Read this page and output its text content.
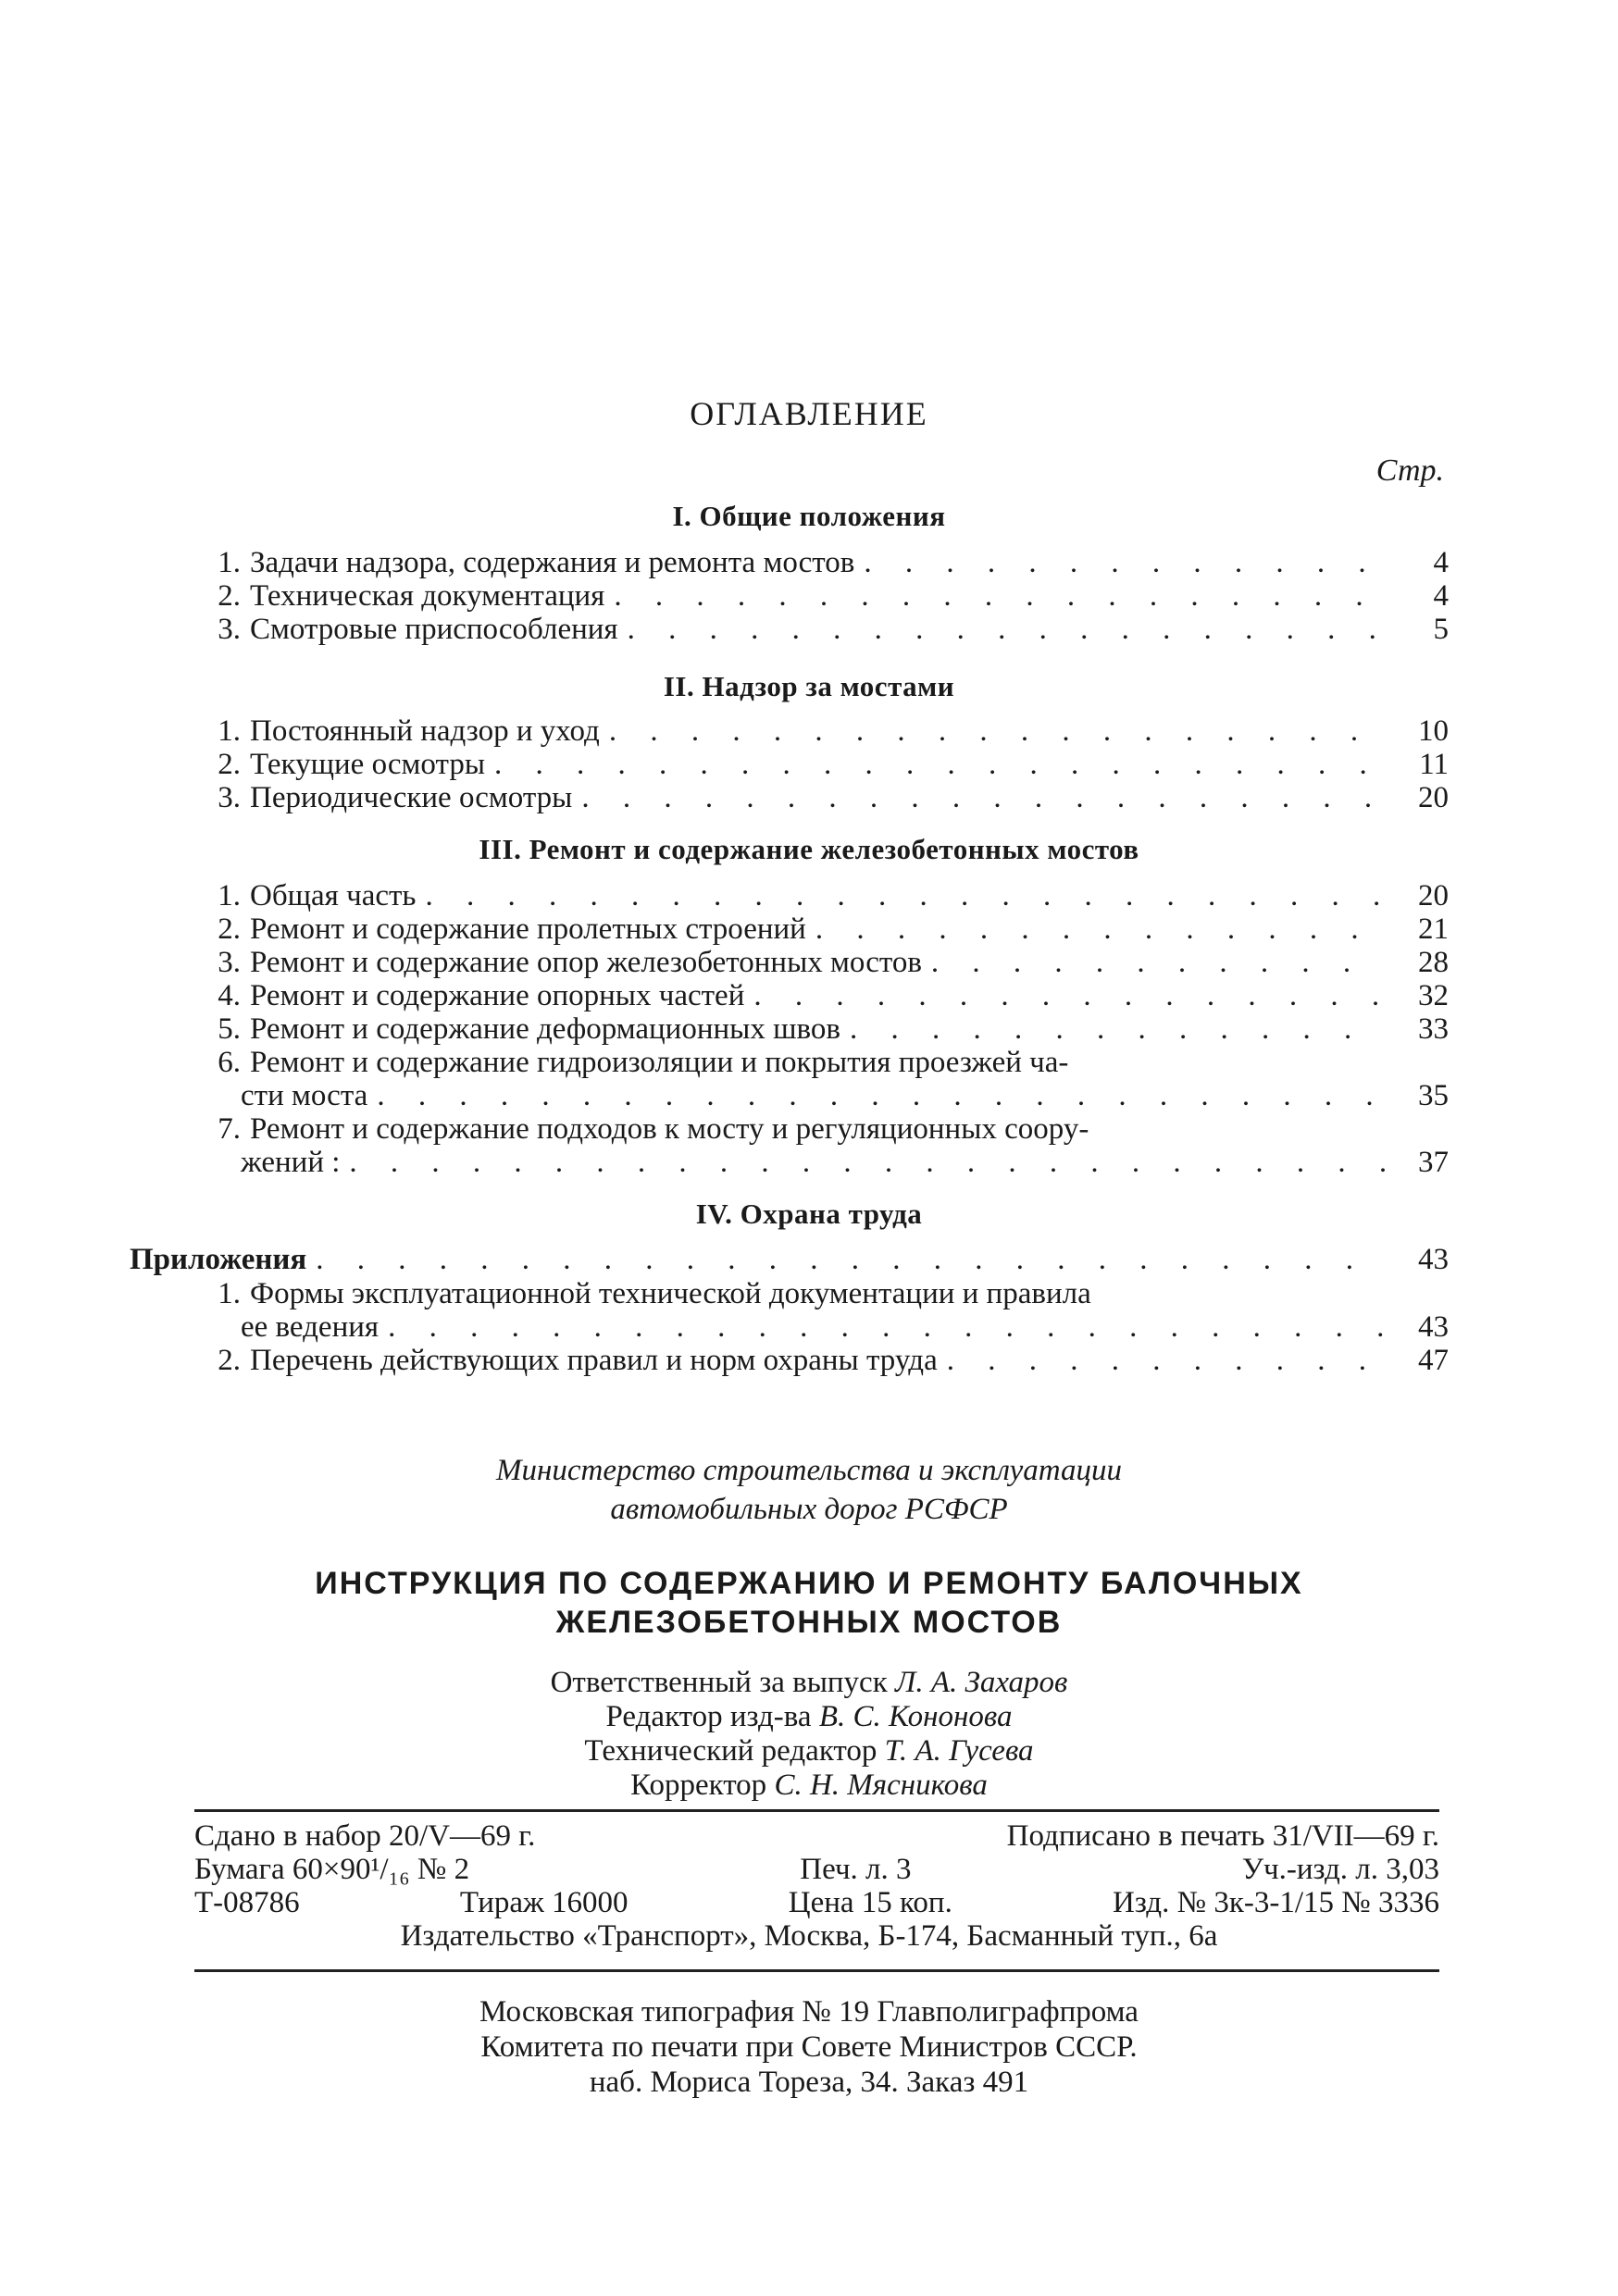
ОГЛАВЛЕНИЕ
Стр.
I. Общие положения
1. Задачи надзора, содержания и ремонта мостов . . .	4
2. Техническая документация . . .	4
3. Смотровые приспособления . . .	5
II. Надзор за мостами
1. Постоянный надзор и уход . . .	10
2. Текущие осмотры . . .	11
3. Периодические осмотры . . .	20
III. Ремонт и содержание железобетонных мостов
1. Общая часть . . .	20
2. Ремонт и содержание пролетных строений . . .	21
3. Ремонт и содержание опор железобетонных мостов . . .	28
4. Ремонт и содержание опорных частей . . .	32
5. Ремонт и содержание деформационных швов . . .	33
6. Ремонт и содержание гидроизоляции и покрытия проезжей ча-
сти моста . . .	35
7. Ремонт и содержание подходов к мосту и регуляционных соору-
жений : . . .	37
IV. Охрана труда
Приложения . . .	43
1. Формы эксплуатационной технической документации и правила
ее ведения . . .	43
2. Перечень действующих правил и норм охраны труда . . .	47
Министерство строительства и эксплуатации
автомобильных дорог РСФСР
ИНСТРУКЦИЯ ПО СОДЕРЖАНИЮ И РЕМОНТУ БАЛОЧНЫХ
ЖЕЛЕЗОБЕТОННЫХ МОСТОВ
Ответственный за выпуск Л. А. Захаров
Редактор изд-ва В. С. Кононова
Технический редактор Т. А. Гусева
Корректор С. Н. Мясникова
Сдано в набор 20/V—69 г.	Подписано в печать 31/VII—69 г.
Бумага 60×90¹/₁₆ № 2	Печ. л. 3	Уч.-изд. л. 3,03
Т-08786	Тираж 16000	Цена 15 коп.	Изд. № 3к-3-1/15 № 3336
Издательство «Транспорт», Москва, Б-174, Басманный туп., 6а
Московская типография № 19 Главполиграфпрома
Комитета по печати при Совете Министров СССР.
наб. Мориса Тореза, 34. Заказ 491
